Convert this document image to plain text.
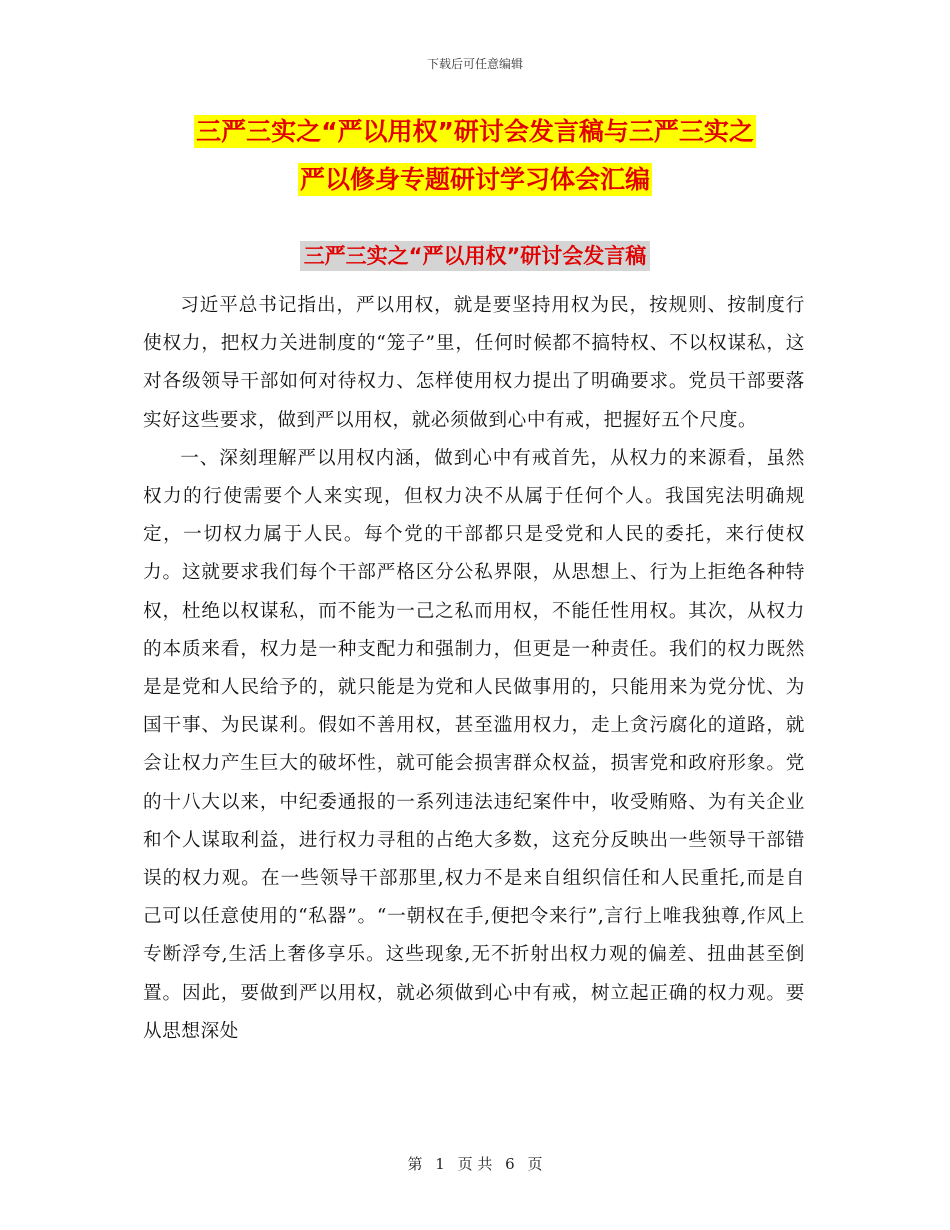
下载后可任意编辑
三严三实之“严以用权”研讨会发言稿与三严三实之
严以修身专题研讨学习体会汇编
三严三实之“严以用权”研讨会发言稿

习近平总书记指出，严以用权，就是要坚持用权为民，按规则、按制度行使权力，把权力关进制度的“笼子”里，任何时候都不搞特权、不以权谋私，这对各级领导干部如何对待权力、怎样使用权力提出了明确要求。党员干部要落实好这些要求，做到严以用权，就必须做到心中有戒，把握好五个尺度。

一、深刻理解严以用权内涵，做到心中有戒首先，从权力的来源看，虽然权力的行使需要个人来实现，但权力决不从属于任何个人。我国宪法明确规定，一切权力属于人民。每个党的干部都只是受党和人民的委托，来行使权力。这就要求我们每个干部严格区分公私界限，从思想上、行为上拒绝各种特权，杜绝以权谋私，而不能为一己之私而用权，不能任性用权。其次，从权力的本质来看，权力是一种支配力和强制力，但更是一种责任。我们的权力既然是是党和人民给予的，就只能是为党和人民做事用的，只能用来为党分忧、为国干事、为民谋利。假如不善用权，甚至滥用权力，走上贪污腐化的道路，就会让权力产生巨大的破坏性，就可能会损害群众权益，损害党和政府形象。党的十八大以来，中纪委通报的一系列违法违纪案件中，收受贿赂、为有关企业和个人谋取利益，进行权力寻租的占绝大多数，这充分反映出一些领导干部错误的权力观。在一些领导干部那里,权力不是来自组织信任和人民重托,而是自己可以任意使用的“私器”。“一朝权在手,便把令来行”,言行上唯我独尊,作风上专断浮夸,生活上奢侈享乐。这些现象,无不折射出权力观的偏差、扭曲甚至倒置。因此，要做到严以用权，就必须做到心中有戒，树立起正确的权力观。要从思想深处

第 1 页 共 6 页
